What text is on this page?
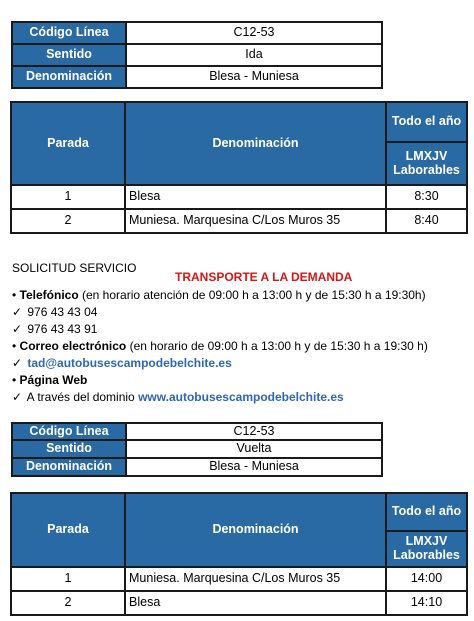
Código Línea	C12-53
Sentido	Ida
Denominación	Blesa - Muniesa
Parada	Denominación	Todo el año
		LMXJV Laborables
1	Blesa	8:30
2	Muniesa. Marquesina C/Los Muros 35	8:40
SOLICITUD SERVICIO
TRANSPORTE A LA DEMANDA
• Telefónico (en horario atención de 09:00 h a 13:00 h y de 15:30 h a 19:30h)
✓ 976 43 43 04
✓ 976 43 43 91
• Correo electrónico (en horario de 09:00 h a 13:00 h y de 15:30 h a 19:30 h)
✓ tad@autobusescampodebelchite.es
• Página Web
✓ A través del dominio www.autobusescampodebelchite.es
Código Línea	C12-53
Sentido	Vuelta
Denominación	Blesa - Muniesa
Parada	Denominación	Todo el año
		LMXJV Laborables
1	Muniesa. Marquesina C/Los Muros 35	14:00
2	Blesa	14:10
